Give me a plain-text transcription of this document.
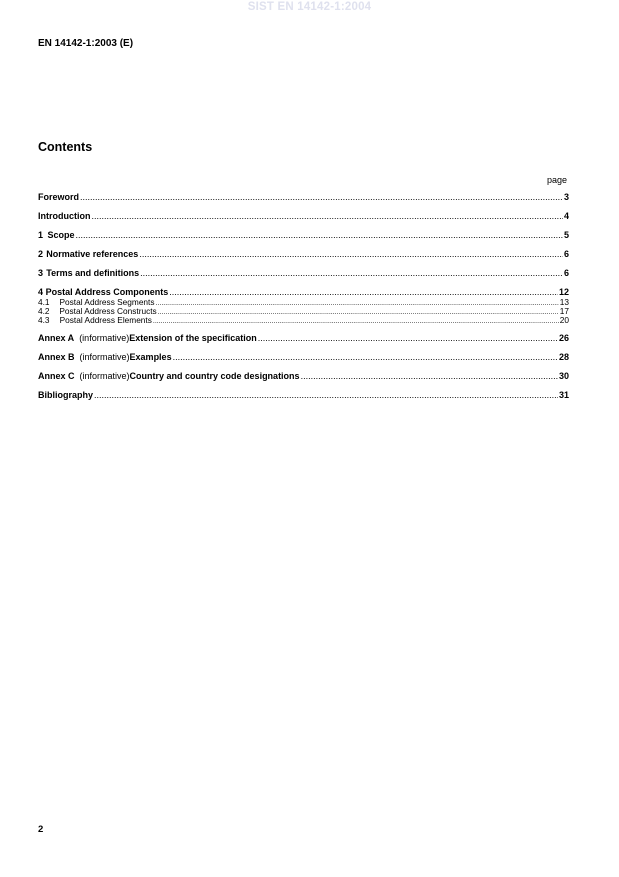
SIST EN 14142-1:2004
EN 14142-1:2003 (E)
Contents
page
Foreword .....	3
Introduction .....	4
1 Scope .....	5
2 Normative references .....	6
3 Terms and definitions .....	6
4 Postal Address Components .....	12
4.1	Postal Address Segments .....	13
4.2	Postal Address Constructs .....	17
4.3	Postal Address Elements .....	20
Annex A (informative) Extension of the specification .....	26
Annex B (informative) Examples .....	28
Annex C (informative) Country and country code designations .....	30
Bibliography .....	31
2
